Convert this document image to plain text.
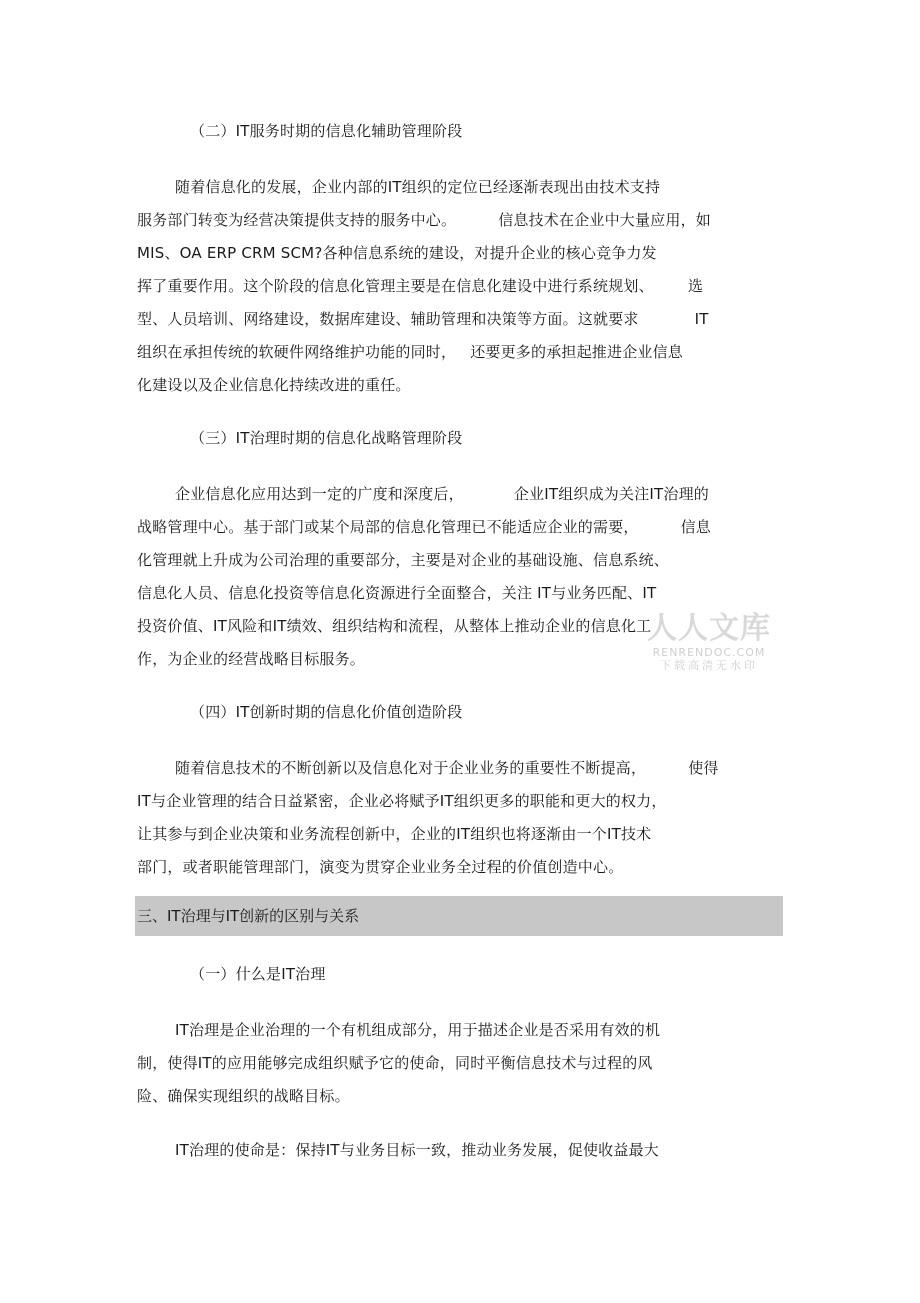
（二）IT服务时期的信息化辅助管理阶段
随着信息化的发展，企业内部的IT组织的定位已经逐渐表现出由技术支持
服务部门转变为经营决策提供支持的服务中心。	信息技术在企业中大量应用，如
MIS、OA ERP CRM SCM?各种信息系统的建设，对提升企业的核心竞争力发
挥了重要作用。这个阶段的信息化管理主要是在信息化建设中进行系统规划、 选
型、人员培训、网络建设，数据库建设、辅助管理和决策等方面。这就要求	IT
组织在承担传统的软硬件网络维护功能的同时， 还要更多的承担起推进企业信息
化建设以及企业信息化持续改进的重任。
（三）IT治理时期的信息化战略管理阶段
企业信息化应用达到一定的广度和深度后，	企业IT组织成为关注IT治理的
战略管理中心。基于部门或某个局部的信息化管理已不能适应企业的需要，	信息
化管理就上升成为公司治理的重要部分，主要是对企业的基础设施、信息系统、
信息化人员、信息化投资等信息化资源进行全面整合，关注 IT与业务匹配、IT
投资价值、IT风险和IT绩效、组织结构和流程，从整体上推动企业的信息化工
作，为企业的经营战略目标服务。
人人文库
RENRENDOC.COM
下载高清无水印
（四）IT创新时期的信息化价值创造阶段
随着信息技术的不断创新以及信息化对于企业业务的重要性不断提高，	使得
IT与企业管理的结合日益紧密，企业必将赋予IT组织更多的职能和更大的权力，
让其参与到企业决策和业务流程创新中，企业的IT组织也将逐渐由一个IT技术
部门，或者职能管理部门，演变为贯穿企业业务全过程的价值创造中心。
三、IT治理与IT创新的区别与关系
（一）什么是IT治理
IT治理是企业治理的一个有机组成部分，用于描述企业是否采用有效的机
制，使得IT的应用能够完成组织赋予它的使命，同时平衡信息技术与过程的风
险、确保实现组织的战略目标。
IT治理的使命是：保持IT与业务目标一致，推动业务发展，促使收益最大
